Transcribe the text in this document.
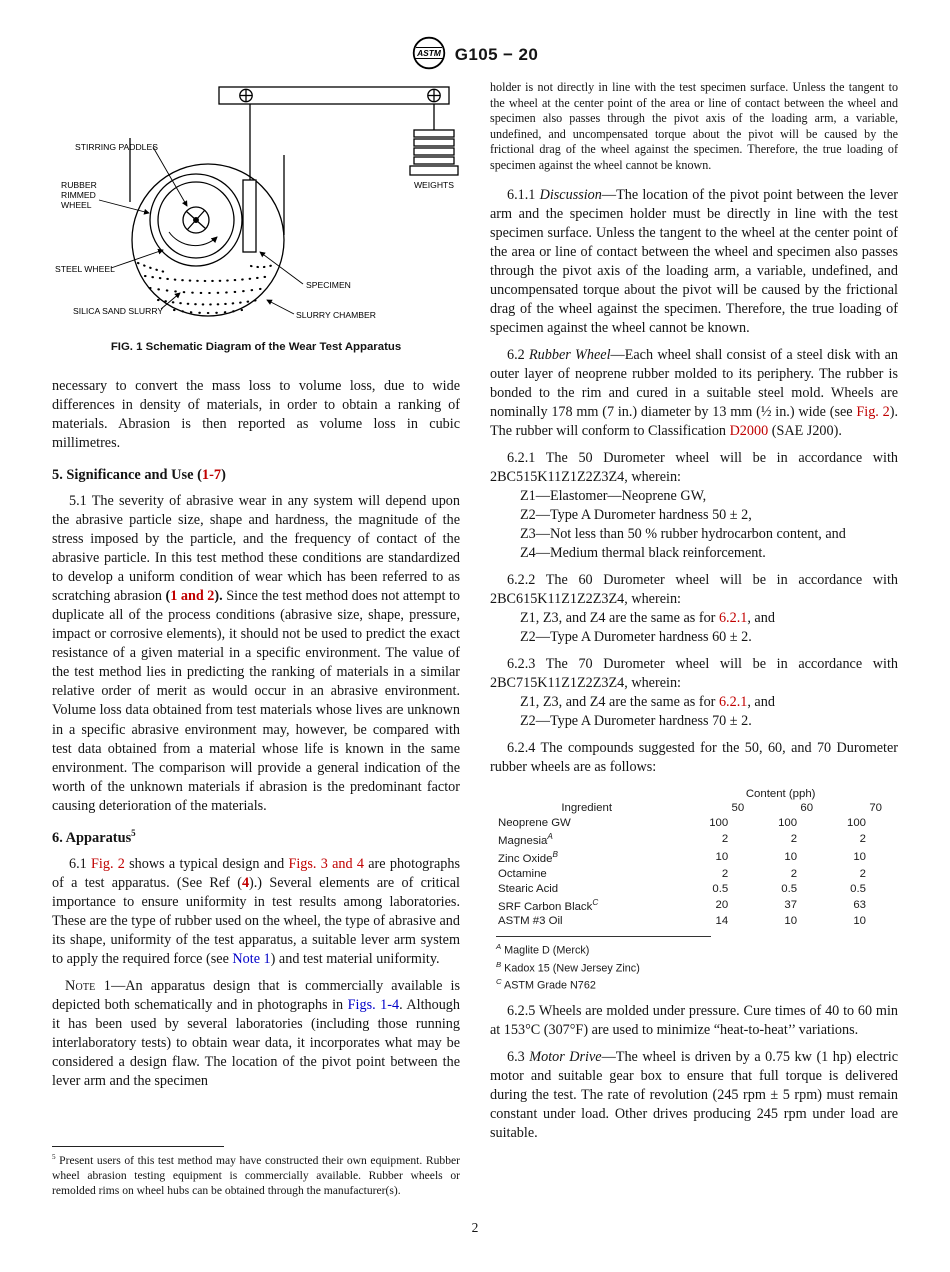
ASTM G105 − 20
STIRRING PADDLES
RUBBER
RIMMED
WHEEL
STEEL WHEEL
SILICA SAND SLURRY
SPECIMEN
SLURRY CHAMBER
WEIGHTS
FIG. 1 Schematic Diagram of the Wear Test Apparatus

necessary to convert the mass loss to volume loss, due to wide differences in density of materials, in order to obtain a ranking of materials. Abrasion is then reported as volume loss in cubic millimetres.

5. Significance and Use (1-7)

5.1 The severity of abrasive wear in any system will depend upon the abrasive particle size, shape and hardness, the magnitude of the stress imposed by the particle, and the frequency of contact of the abrasive particle. In this test method these conditions are standardized to develop a uniform condition of wear which has been referred to as scratching abrasion (1 and 2). Since the test method does not attempt to duplicate all of the process conditions (abrasive size, shape, pressure, impact or corrosive elements), it should not be used to predict the exact resistance of a given material in a specific environment. The value of the test method lies in predicting the ranking of materials in a similar relative order of merit as would occur in an abrasive environment. Volume loss data obtained from test materials whose lives are unknown in a specific abrasive environment may, however, be compared with test data obtained from a material whose life is known in the same environment. The comparison will provide a general indication of the worth of the unknown materials if abrasion is the predominant factor causing deterioration of the materials.

6. Apparatus$^5$

6.1 Fig. 2 shows a typical design and Figs. 3 and 4 are photographs of a test apparatus. (See Ref (4).) Several elements are of critical importance to ensure uniformity in test results among laboratories. These are the type of rubber used on the wheel, the type of abrasive and its shape, uniformity of the test apparatus, a suitable lever arm system to apply the required force (see Note 1) and test material uniformity.

Note 1—An apparatus design that is commercially available is depicted both schematically and in photographs in Figs. 1-4. Although it has been used by several laboratories (including those running interlaboratory tests) to obtain wear data, it incorporates what may be considered a design flaw. The location of the pivot point between the lever arm and the specimen

$^5$ Present users of this test method may have constructed their own equipment. Rubber wheel abrasion testing equipment is commercially available. Rubber wheels or remolded rims on wheel hubs can be obtained through the manufacturer(s).

holder is not directly in line with the test specimen surface. Unless the tangent to the wheel at the center point of the area or line of contact between the wheel and specimen also passes through the pivot axis of the loading arm, a variable, undefined, and uncompensated torque about the pivot will be caused by the frictional drag of the wheel against the specimen. Therefore, the true loading of specimen against the wheel cannot be known.

6.1.1 Discussion—The location of the pivot point between the lever arm and the specimen holder must be directly in line with the test specimen surface. Unless the tangent to the wheel at the center point of the area or line of contact between the wheel and specimen also passes through the pivot axis of the loading arm, a variable, undefined, and uncompensated torque about the pivot will be caused by the frictional drag of the wheel against the specimen. Therefore, the true loading of specimen against the wheel cannot be known.

6.2 Rubber Wheel—Each wheel shall consist of a steel disk with an outer layer of neoprene rubber molded to its periphery. The rubber is bonded to the rim and cured in a suitable steel mold. Wheels are nominally 178 mm (7 in.) diameter by 13 mm (½ in.) wide (see Fig. 2). The rubber will conform to Classification D2000 (SAE J200).

6.2.1 The 50 Durometer wheel will be in accordance with 2BC515K11Z1Z2Z3Z4, wherein:

Z1—Elastomer—Neoprene GW,
Z2—Type A Durometer hardness 50 ± 2,
Z3—Not less than 50 % rubber hydrocarbon content, and
Z4—Medium thermal black reinforcement.

6.2.2 The 60 Durometer wheel will be in accordance with 2BC615K11Z1Z2Z3Z4, wherein:

Z1, Z3, and Z4 are the same as for 6.2.1, and
Z2—Type A Durometer hardness 60 ± 2.

6.2.3 The 70 Durometer wheel will be in accordance with 2BC715K11Z1Z2Z3Z4, wherein:

Z1, Z3, and Z4 are the same as for 6.2.1, and
Z2—Type A Durometer hardness 70 ± 2.

6.2.4 The compounds suggested for the 50, 60, and 70 Durometer rubber wheels are as follows:

	Content (pph)		
Ingredient	50	60	70
Neoprene GW	100	100	100
Magnesia$^A$	2	2	2
Zinc Oxide$^B$	10	10	10
Octamine	2	2	2
Stearic Acid	0.5	0.5	0.5
SRF Carbon Black$^C$	20	37	63
ASTM #3 Oil	14	10	10
$^A$ Maglite D (Merck)
$^B$ Kadox 15 (New Jersey Zinc)
$^C$ ASTM Grade N762

6.2.5 Wheels are molded under pressure. Cure times of 40 to 60 min at 153°C (307°F) are used to minimize “heat-to-heat’’ variations.

6.3 Motor Drive—The wheel is driven by a 0.75 kw (1 hp) electric motor and suitable gear box to ensure that full torque is delivered during the test. The rate of revolution (245 rpm ± 5 rpm) must remain constant under load. Other drives producing 245 rpm under load are suitable.

2
